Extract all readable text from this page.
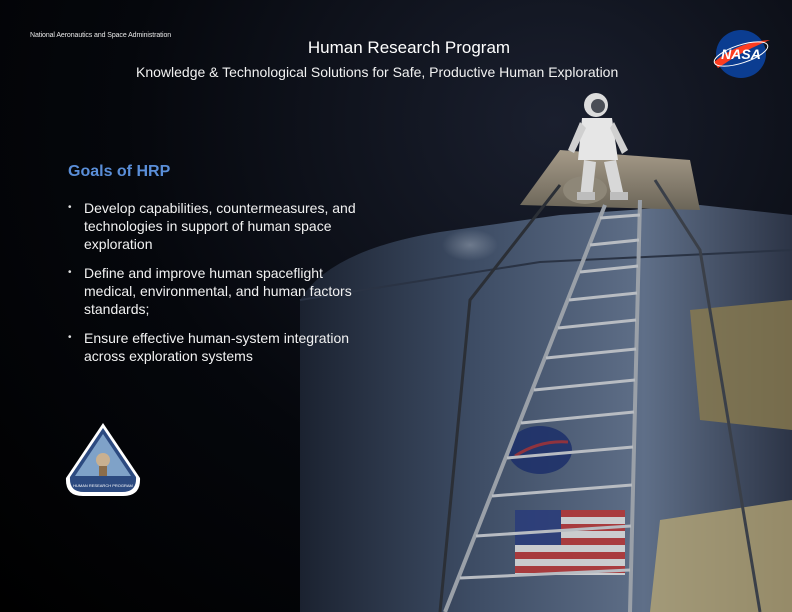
National Aeronautics and Space Administration
Human Research Program
Knowledge & Technological Solutions for Safe, Productive Human Exploration
NASA
Goals of HRP
• Develop capabilities, countermeasures, and technologies in support of human space exploration
• Define and improve human spaceflight medical, environmental, and human factors standards;
• Ensure effective human-system integration across exploration systems
HUMAN RESEARCH PROGRAM
